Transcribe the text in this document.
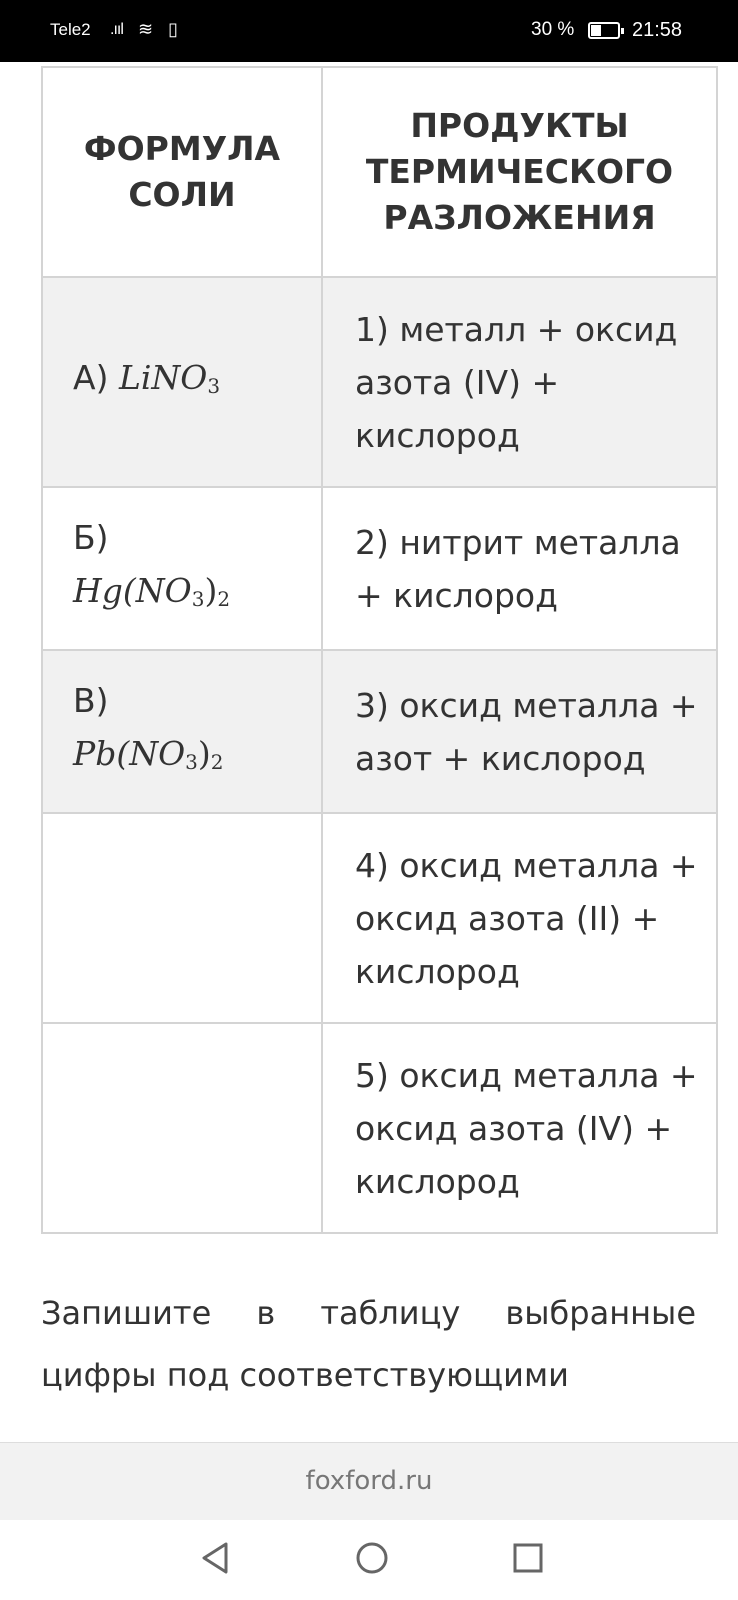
Tele2 .ııl ≋ ▯	30 %	21:58
ФОРМУЛА СОЛИ	ПРОДУКТЫ ТЕРМИЧЕСКОГО РАЗЛОЖЕНИЯ
А) LiNO$_3$	1) металл + оксид азота (IV) + кислород

Б)
$Hg(NO_3)_2$	2) нитрит металла + кислород

В)
$Pb(NO_3)_2$	3) оксид металла + азот + кислород
	4) оксид металла + оксид азота (II) + кислород
	5) оксид металла + оксид азота (IV) + кислород

Запишите в таблицу выбранные цифры под соответствующими

foxford.ru
